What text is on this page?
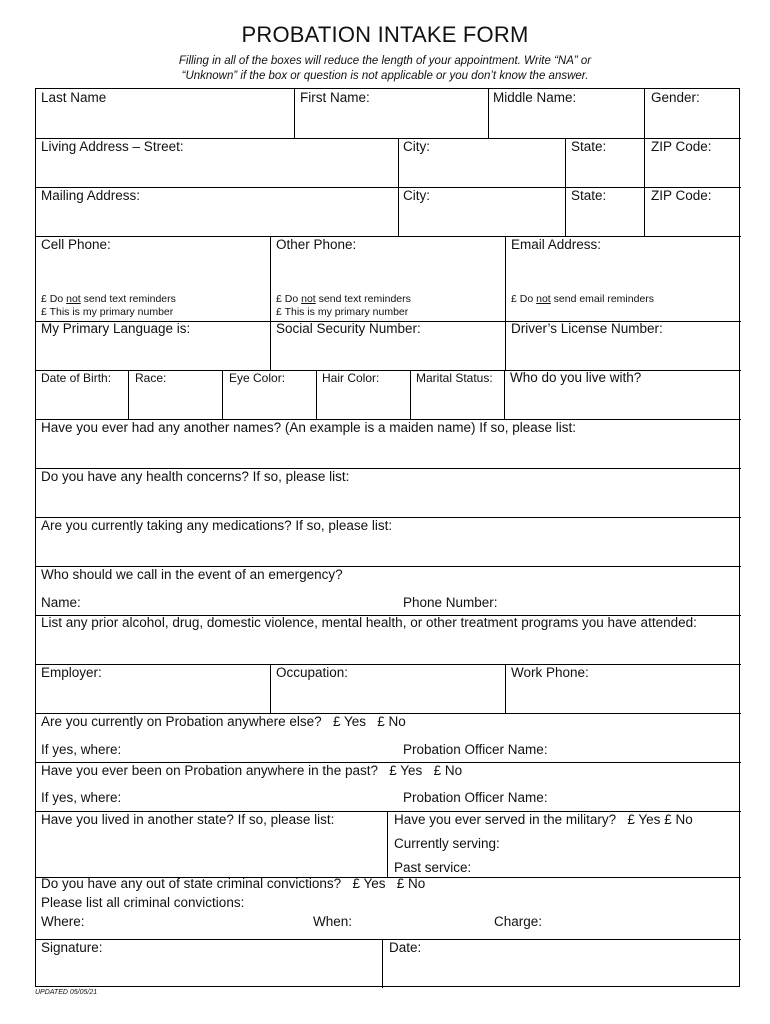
PROBATION INTAKE FORM
Filling in all of the boxes will reduce the length of your appointment. Write “NA” or
“Unknown” if the box or question is not applicable or you don’t know the answer.
Last Name	First Name:	Middle Name:	Gender:
Living Address – Street:	City:	State:	ZIP Code:
Mailing Address:	City:	State:	ZIP Code:
Cell Phone:	Other Phone:	Email Address:
£ Do not send text reminders
£ This is my primary number
£ Do not send text reminders
£ This is my primary number
£ Do not send email reminders
My Primary Language is:	Social Security Number:	Driver’s License Number:
Date of Birth: Race:	Eye Color:	Hair Color:	Marital Status: Who do you live with?
Have you ever had any another names? (An example is a maiden name) If so, please list:
Do you have any health concerns? If so, please list:
Are you currently taking any medications? If so, please list:
Who should we call in the event of an emergency?
Name:	Phone Number:
List any prior alcohol, drug, domestic violence, mental health, or other treatment programs you have attended:
Employer:	Occupation:	Work Phone:
Are you currently on Probation anywhere else? £ Yes £ No
If yes, where:	Probation Officer Name:
Have you ever been on Probation anywhere in the past? £ Yes £ No
If yes, where:	Probation Officer Name:
Have you lived in another state? If so, please list:	Have you ever served in the military? £ Yes £ No
Currently serving:
Past service:
Do you have any out of state criminal convictions? £ Yes £ No
Please list all criminal convictions:
Where:	When:	Charge:
Signature:	Date:
UPDATED 05/05/21
